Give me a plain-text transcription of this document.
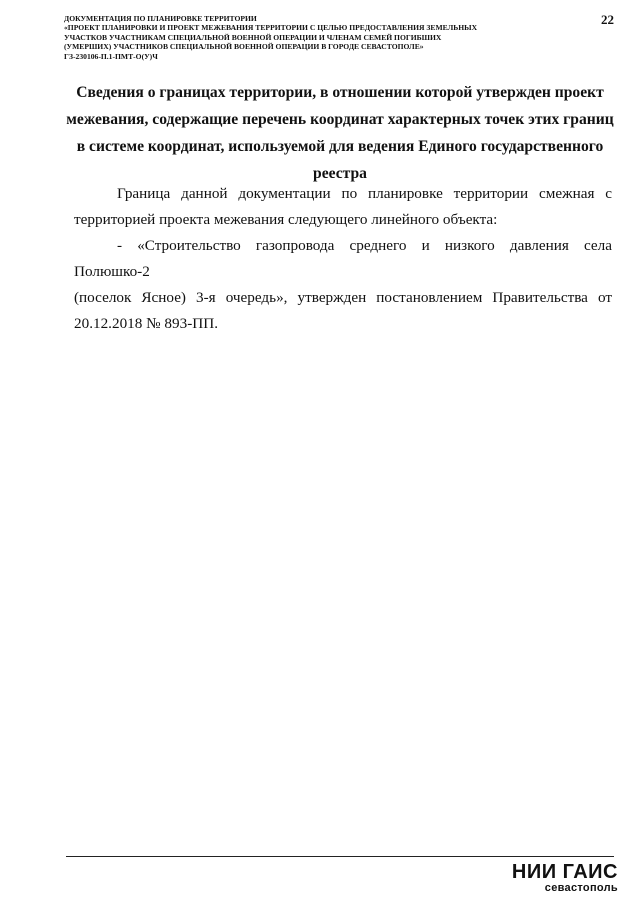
ДОКУМЕНТАЦИЯ ПО ПЛАНИРОВКЕ ТЕРРИТОРИИ
«ПРОЕКТ ПЛАНИРОВКИ И ПРОЕКТ МЕЖЕВАНИЯ ТЕРРИТОРИИ С ЦЕЛЬЮ ПРЕДОСТАВЛЕНИЯ ЗЕМЕЛЬНЫХ
УЧАСТКОВ УЧАСТНИКАМ СПЕЦИАЛЬНОЙ ВОЕННОЙ ОПЕРАЦИИ И ЧЛЕНАМ СЕМЕЙ ПОГИБШИХ
(УМЕРШИХ) УЧАСТНИКОВ СПЕЦИАЛЬНОЙ ВОЕННОЙ ОПЕРАЦИИ В ГОРОДЕ СЕВАСТОПОЛЕ»
ГЗ-230106-П.1-ПМТ-О(У)Ч
22
Сведения о границах территории, в отношении которой утвержден проект
межевания, содержащие перечень координат характерных точек этих границ
в системе координат, используемой для ведения Единого государственного
реестра
Граница данной документации по планировке территории смежная с
территорией проекта межевания следующего линейного объекта:
- «Строительство газопровода среднего и низкого давления села Полюшко-2
(поселок Ясное) 3-я очередь», утвержден постановлением Правительства от
20.12.2018 № 893-ПП.
НИИ ГАИС
севастополь
